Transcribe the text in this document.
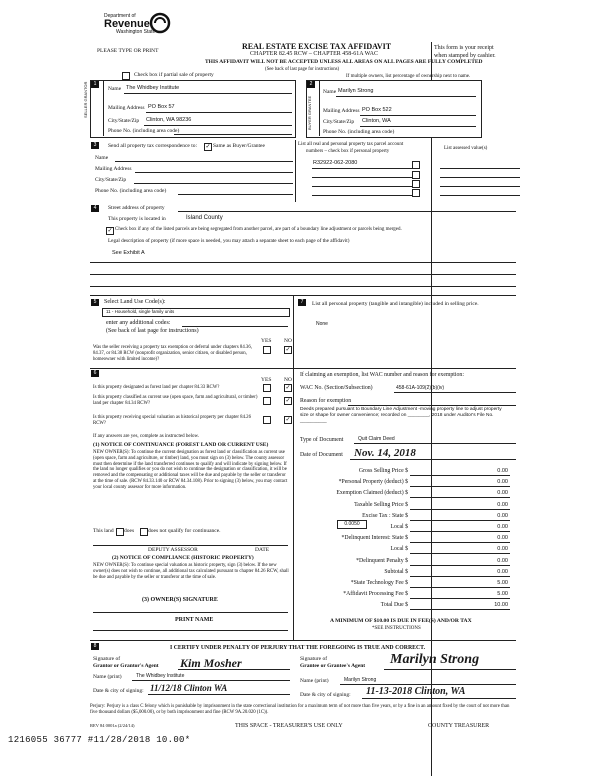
Department of
Revenue
Washington State
PLEASE TYPE OR PRINT	REAL ESTATE EXCISE TAX AFFIDAVIT
CHAPTER 82.45 RCW – CHAPTER 458-61A WAC
THIS AFFIDAVIT WILL NOT BE ACCEPTED UNLESS ALL AREAS ON ALL PAGES ARE FULLY COMPLETED
(See back of last page for instructions)
This form is your receipt
when stamped by cashier.
Check box if partial sale of property	If multiple owners, list percentage of ownership next to name.
1
SELLER GRANTOR	Name The Whidbey Institute
Mailing Address PO Box 57
City/State/Zip Clinton, WA 98236
Phone No. (including area code)
2
BUYER GRANTEE
Name Marilyn Strong
Mailing Address PO Box 522
City/State/Zip Clinton, WA
Phone No. (including area code)
3	Send all property tax correspondence to: ✓ Same as Buyer/Grantee
Name
Mailing Address
City/State/Zip
Phone No. (including area code)
List all real and personal property tax parcel account
numbers – check box if personal property
List assessed value(s)
R32922-062-2080
4	Street address of property
This property is located in	Island County
✓ Check box if any of the listed parcels are being segregated from another parcel, are part of a boundary line adjustment or parcels being merged.
Legal description of property (if more space is needed, you may attach a separate sheet to each page of the affidavit)
See Exhibit A
5	Select Land Use Code(s):
11 - Household, single family units
enter any additional codes:
(See back of last page for instructions)
YES NO
Was the seller receiving a property tax exemption or deferral under chapters 84.36, 84.37, or 84.38 RCW (nonprofit organization, senior citizen, or disabled person, homeowner with limited income)?
✓
6
YES NO
Is this property designated as forest land per chapter 84.33 RCW?	✓
Is this property classified as current use (open space, farm and agricultural, or timber) land per chapter 84.34 RCW?	✓
Is this property receiving special valuation as historical property per chapter 84.26 RCW?
✓
If any answers are yes, complete as instructed below.
(1) NOTICE OF CONTINUANCE (FOREST LAND OR CURRENT USE)
NEW OWNER(S): To continue the current designation as forest land or classification as current use (open space, farm and agriculture, or timber) land, you must sign on (3) below. The county assessor must then determine if the land transferred continues to qualify and will indicate by signing below. If the land no longer qualifies or you do not wish to continue the designation or classification, it will be removed and the compensating or additional taxes will be due and payable by the seller or transferor at the time of sale. (RCW 84.33.140 or RCW 84.34.108). Prior to signing (3) below, you may contact your local county assessor for more information.
This land does	does not qualify for continuance.
DEPUTY ASSESSOR	DATE
(2) NOTICE OF COMPLIANCE (HISTORIC PROPERTY)
NEW OWNER(S): To continue special valuation as historic property, sign (3) below. If the new owner(s) does not wish to continue, all additional tax calculated pursuant to chapter 84.26 RCW, shall be due and payable by the seller or transferor at the time of sale.
(3) OWNER(S) SIGNATURE
PRINT NAME
7	List all personal property (tangible and intangible) included in selling price.
None
If claiming an exemption, list WAC number and reason for exemption:
WAC No. (Section/Subsection)	458-61A-109(2)(b)(iv)
Reason for exemption
Deeds prepared pursuant to Boundary Line Adjustment -moving property line to adjust property size or shape for owner convenience; recorded on ________, 2018 under Auditor's File No. __________
Type of Document	Quit Claim Deed
Date of Document Nov. 14, 2018
Gross Selling Price $	0.00
*Personal Property (deduct) $	0.00
Exemption Claimed (deduct) $	0.00
Taxable Selling Price $	0.00
Excise Tax : State $	0.00
Local $	0.00
*Delinquent Interest: State $	0.00
Local $	0.00
*Delinquent Penalty $	0.00
Subtotal $	0.00
*State Technology Fee $	5.00
*Affidavit Processing Fee $	5.00
Total Due $	10.00
0.0050
A MINIMUM OF $10.00 IS DUE IN FEE(S) AND/OR TAX
*SEE INSTRUCTIONS
8	I CERTIFY UNDER PENALTY OF PERJURY THAT THE FOREGOING IS TRUE AND CORRECT.
Signature of
Grantor or Grantor's Agent Kim Mosher
Name (print)	The Whidbey Institute
Date & city of signing: 11/12/18 Clinton WA
Signature of
Grantee or Grantee's Agent Marilyn Strong
Name (print)	Marilyn Strong
Date & city of signing: 11-13-2018 Clinton, WA
Perjury: Perjury is a class C felony which is punishable by imprisonment in the state correctional institution for a maximum term of not more than five years, or by a fine in an amount fixed by the court of not more than five thousand dollars ($5,000.00), or by both imprisonment and fine (RCW 9A.20.020 (1C)).
REV 84 0001a (2/24/14)	THIS SPACE - TREASURER'S USE ONLY	COUNTY TREASURER
1216055 36777 #11/28/2018 10.00*
